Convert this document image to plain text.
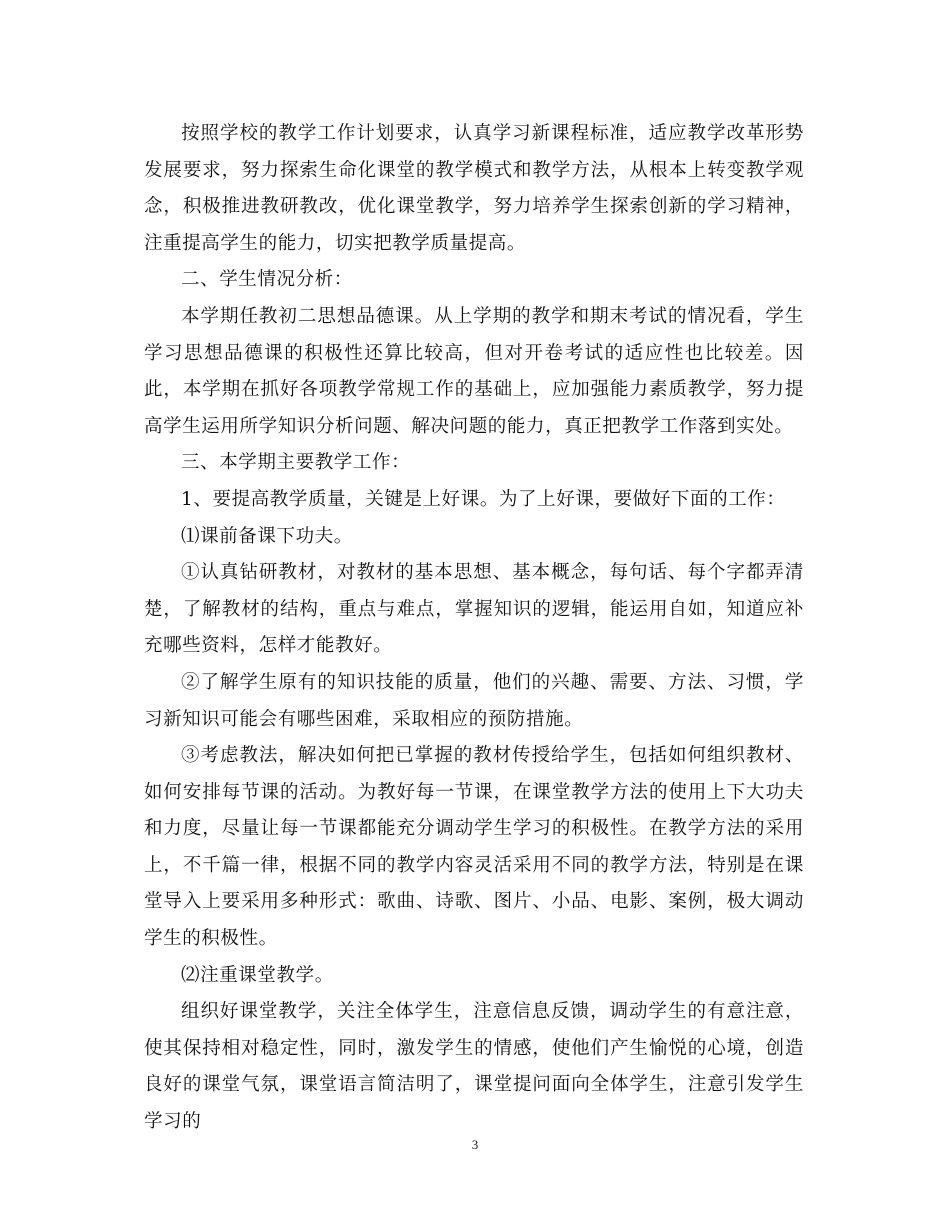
按照学校的教学工作计划要求，认真学习新课程标准，适应教学改革形势发展要求，努力探索生命化课堂的教学模式和教学方法，从根本上转变教学观念，积极推进教研教改，优化课堂教学，努力培养学生探索创新的学习精神，注重提高学生的能力，切实把教学质量提高。

二、学生情况分析：

本学期任教初二思想品德课。从上学期的教学和期末考试的情况看，学生学习思想品德课的积极性还算比较高，但对开卷考试的适应性也比较差。因此，本学期在抓好各项教学常规工作的基础上，应加强能力素质教学，努力提高学生运用所学知识分析问题、解决问题的能力，真正把教学工作落到实处。

三、本学期主要教学工作：

1、要提高教学质量，关键是上好课。为了上好课，要做好下面的工作：

⑴课前备课下功夫。

①认真钻研教材，对教材的基本思想、基本概念，每句话、每个字都弄清楚，了解教材的结构，重点与难点，掌握知识的逻辑，能运用自如，知道应补充哪些资料，怎样才能教好。

②了解学生原有的知识技能的质量，他们的兴趣、需要、方法、习惯，学习新知识可能会有哪些困难，采取相应的预防措施。

③考虑教法，解决如何把已掌握的教材传授给学生，包括如何组织教材、如何安排每节课的活动。为教好每一节课，在课堂教学方法的使用上下大功夫和力度，尽量让每一节课都能充分调动学生学习的积极性。在教学方法的采用上，不千篇一律，根据不同的教学内容灵活采用不同的教学方法，特别是在课堂导入上要采用多种形式：歌曲、诗歌、图片、小品、电影、案例，极大调动学生的积极性。

⑵注重课堂教学。

组织好课堂教学，关注全体学生，注意信息反馈，调动学生的有意注意，使其保持相对稳定性，同时，激发学生的情感，使他们产生愉悦的心境，创造良好的课堂气氛，课堂语言简洁明了，课堂提问面向全体学生，注意引发学生学习的

3
